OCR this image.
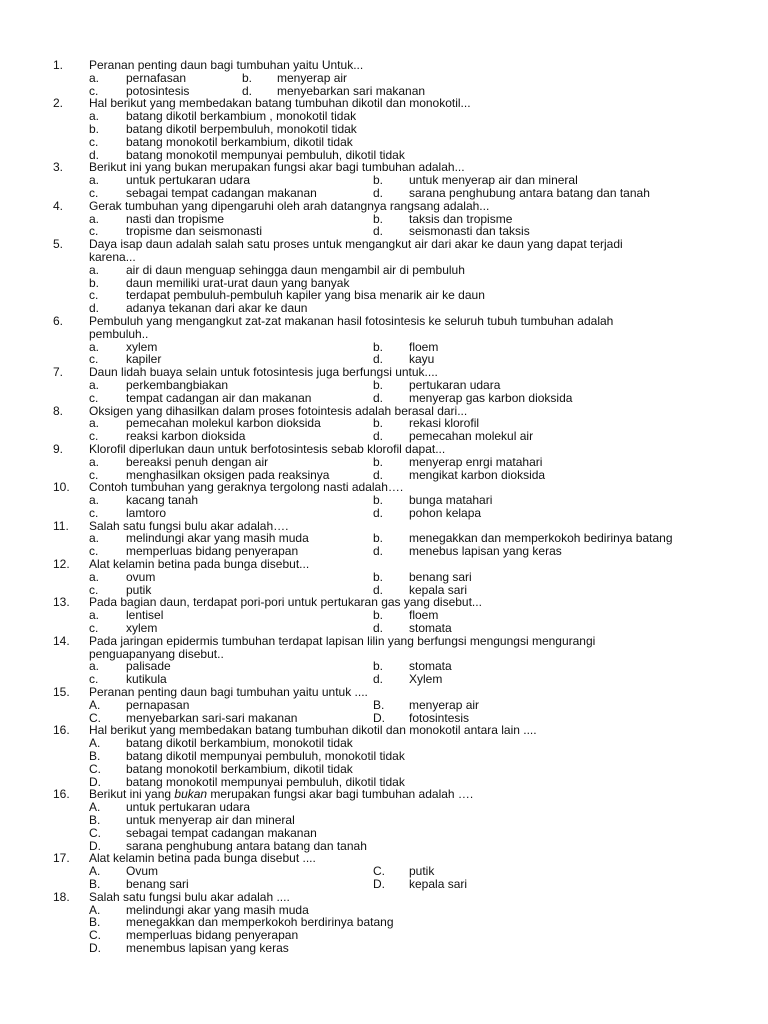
1. Peranan penting daun bagi tumbuhan yaitu Untuk...
a. pernafasan	b. menyerap air
c. potosintesis	d. menyebarkan sari makanan
2. Hal berikut yang membedakan batang tumbuhan dikotil dan monokotil...
a. batang dikotil berkambium , monokotil tidak
b. batang dikotil berpembuluh, monokotil tidak
c. batang monokotil berkambium, dikotil tidak
d. batang monokotil mempunyai pembuluh, dikotil tidak
3. Berikut ini yang bukan merupakan fungsi akar bagi tumbuhan adalah...
a. untuk pertukaran udara	b. untuk menyerap air dan mineral
c. sebagai tempat cadangan makanan	d. sarana penghubung antara batang dan tanah
4. Gerak tumbuhan yang dipengaruhi oleh arah datangnya rangsang adalah...
a. nasti dan tropisme	b. taksis dan tropisme
c. tropisme dan seismonasti	d. seismonasti dan taksis
5. Daya isap daun adalah salah satu proses untuk mengangkut air dari akar ke daun yang dapat terjadi
karena...
a. air di daun menguap sehingga daun mengambil air di pembuluh
b. daun memiliki urat-urat daun yang banyak
c. terdapat pembuluh-pembuluh kapiler yang bisa menarik air ke daun
d. adanya tekanan dari akar ke daun
6. Pembuluh yang mengangkut zat-zat makanan hasil fotosintesis ke seluruh tubuh tumbuhan adalah
pembuluh..
a. xylem	b. floem
c. kapiler	d. kayu
7. Daun lidah buaya selain untuk fotosintesis juga berfungsi untuk....
a. perkembangbiakan	b. pertukaran udara
c. tempat cadangan air dan makanan	d. menyerap gas karbon dioksida
8. Oksigen yang dihasilkan dalam proses fotointesis adalah berasal dari...
a. pemecahan molekul karbon dioksida	b. rekasi klorofil
c. reaksi karbon dioksida	d. pemecahan molekul air
9. Klorofil diperlukan daun untuk berfotosintesis sebab klorofil dapat...
a. bereaksi penuh dengan air	b. menyerap enrgi matahari
c. menghasilkan oksigen pada reaksinya	d. mengikat karbon dioksida
10. Contoh tumbuhan yang geraknya tergolong nasti adalah….
a. kacang tanah	b. bunga matahari
c. lamtoro	d. pohon kelapa
11. Salah satu fungsi bulu akar adalah….
a. melindungi akar yang masih muda	b. menegakkan dan memperkokoh bedirinya batang
c. memperluas bidang penyerapan	d. menebus lapisan yang keras
12. Alat kelamin betina pada bunga disebut...
a. ovum	b. benang sari
c. putik	d. kepala sari
13. Pada bagian daun, terdapat pori-pori untuk pertukaran gas yang disebut...
a. lentisel	b. floem
c. xylem	d. stomata
14. Pada jaringan epidermis tumbuhan terdapat lapisan lilin yang berfungsi mengungsi mengurangi
penguapanyang disebut..
a. palisade	b. stomata
c. kutikula	d. Xylem
15. Peranan penting daun bagi tumbuhan yaitu untuk ....
A. pernapasan	B. menyerap air
C. menyebarkan sari-sari makanan	D. fotosintesis
16. Hal berikut yang membedakan batang tumbuhan dikotil dan monokotil antara lain ....
A. batang dikotil berkambium, monokotil tidak
B. batang dikotil mempunyai pembuluh, monokotil tidak
C. batang monokotil berkambium, dikotil tidak
D. batang monokotil mempunyai pembuluh, dikotil tidak
16. Berikut ini yang bukan merupakan fungsi akar bagi tumbuhan adalah ….
A. untuk pertukaran udara
B. untuk menyerap air dan mineral
C. sebagai tempat cadangan makanan
D. sarana penghubung antara batang dan tanah
17. Alat kelamin betina pada bunga disebut ....
A. Ovum	C. putik
B. benang sari	D. kepala sari
18. Salah satu fungsi bulu akar adalah ....
A. melindungi akar yang masih muda
B. menegakkan dan memperkokoh berdirinya batang
C. memperluas bidang penyerapan
D. menembus lapisan yang keras
